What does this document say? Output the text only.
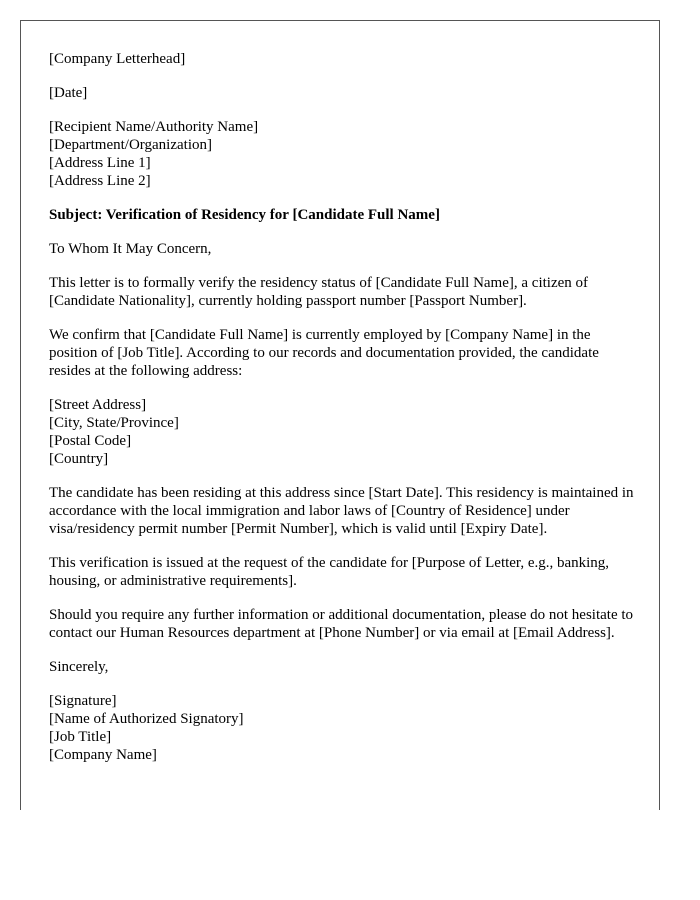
[Company Letterhead]
[Date]
[Recipient Name/Authority Name]
[Department/Organization]
[Address Line 1]
[Address Line 2]
Subject: Verification of Residency for [Candidate Full Name]
To Whom It May Concern,
This letter is to formally verify the residency status of [Candidate Full Name], a citizen of [Candidate Nationality], currently holding passport number [Passport Number].
We confirm that [Candidate Full Name] is currently employed by [Company Name] in the position of [Job Title]. According to our records and documentation provided, the candidate resides at the following address:
[Street Address]
[City, State/Province]
[Postal Code]
[Country]
The candidate has been residing at this address since [Start Date]. This residency is maintained in accordance with the local immigration and labor laws of [Country of Residence] under visa/residency permit number [Permit Number], which is valid until [Expiry Date].
This verification is issued at the request of the candidate for [Purpose of Letter, e.g., banking, housing, or administrative requirements].
Should you require any further information or additional documentation, please do not hesitate to contact our Human Resources department at [Phone Number] or via email at [Email Address].
Sincerely,
[Signature]
[Name of Authorized Signatory]
[Job Title]
[Company Name]
